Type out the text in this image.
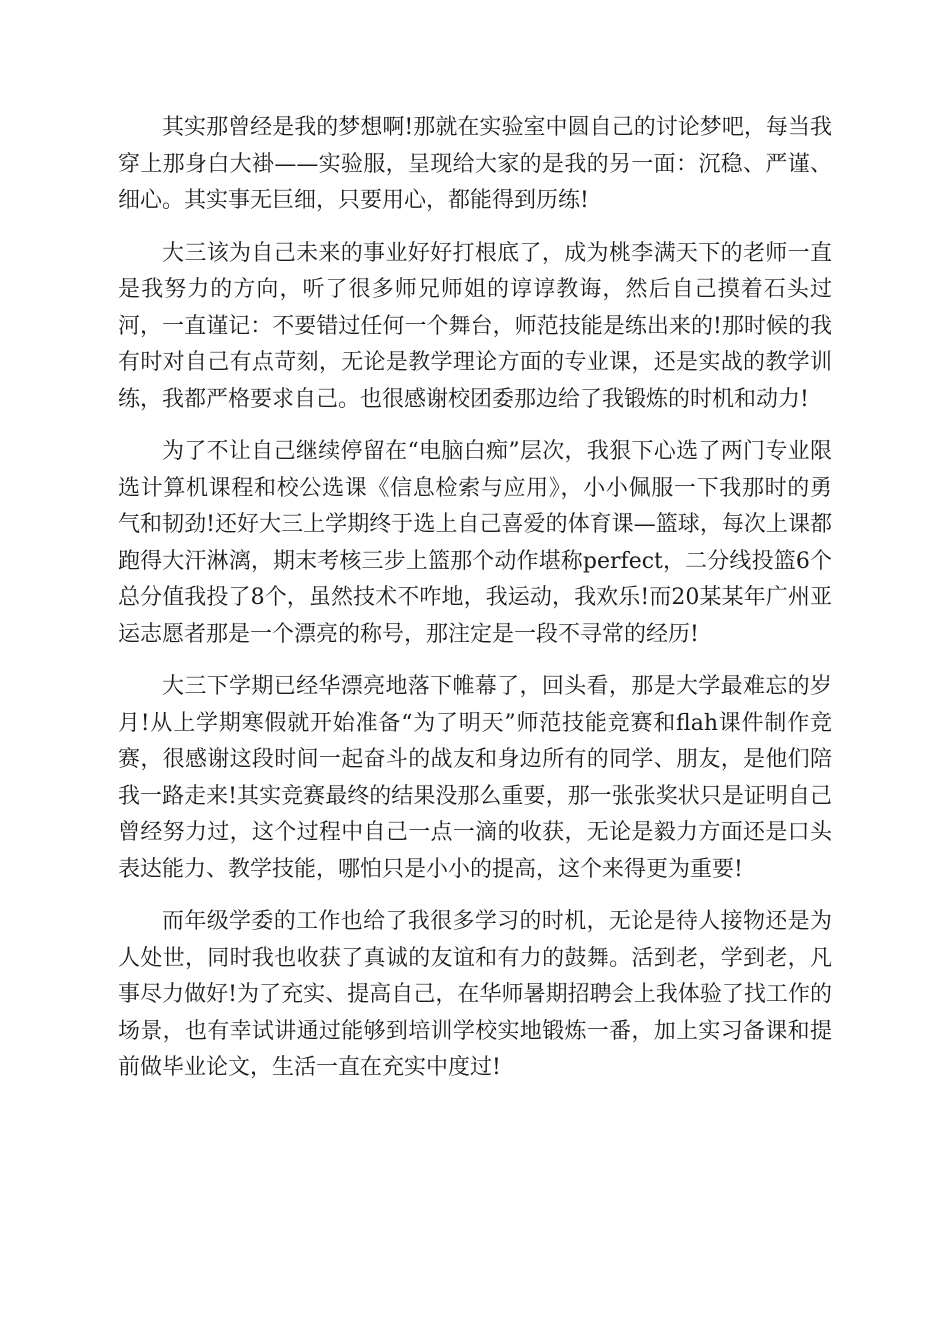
其实那曾经是我的梦想啊!那就在实验室中圆自己的讨论梦吧，每当我穿上那身白大褂——实验服，呈现给大家的是我的另一面：沉稳、严谨、细心。其实事无巨细，只要用心，都能得到历练!

大三该为自己未来的事业好好打根底了，成为桃李满天下的老师一直是我努力的方向，听了很多师兄师姐的谆谆教诲，然后自己摸着石头过河，一直谨记：不要错过任何一个舞台，师范技能是练出来的!那时候的我有时对自己有点苛刻，无论是教学理论方面的专业课，还是实战的教学训练，我都严格要求自己。也很感谢校团委那边给了我锻炼的时机和动力!

为了不让自己继续停留在“电脑白痴”层次，我狠下心选了两门专业限选计算机课程和校公选课《信息检索与应用》，小小佩服一下我那时的勇气和韧劲!还好大三上学期终于选上自己喜爱的体育课—篮球，每次上课都跑得大汗淋漓，期末考核三步上篮那个动作堪称perfect，二分线投篮6个总分值我投了8个，虽然技术不咋地，我运动，我欢乐!而20某某年广州亚运志愿者那是一个漂亮的称号，那注定是一段不寻常的经历!

大三下学期已经华漂亮地落下帷幕了，回头看，那是大学最难忘的岁月!从上学期寒假就开始准备“为了明天”师范技能竞赛和flah课件制作竞赛，很感谢这段时间一起奋斗的战友和身边所有的同学、朋友，是他们陪我一路走来!其实竞赛最终的结果没那么重要，那一张张奖状只是证明自己曾经努力过，这个过程中自己一点一滴的收获，无论是毅力方面还是口头表达能力、教学技能，哪怕只是小小的提高，这个来得更为重要!

而年级学委的工作也给了我很多学习的时机，无论是待人接物还是为人处世，同时我也收获了真诚的友谊和有力的鼓舞。活到老，学到老，凡事尽力做好!为了充实、提高自己，在华师暑期招聘会上我体验了找工作的场景，也有幸试讲通过能够到培训学校实地锻炼一番，加上实习备课和提前做毕业论文，生活一直在充实中度过!
